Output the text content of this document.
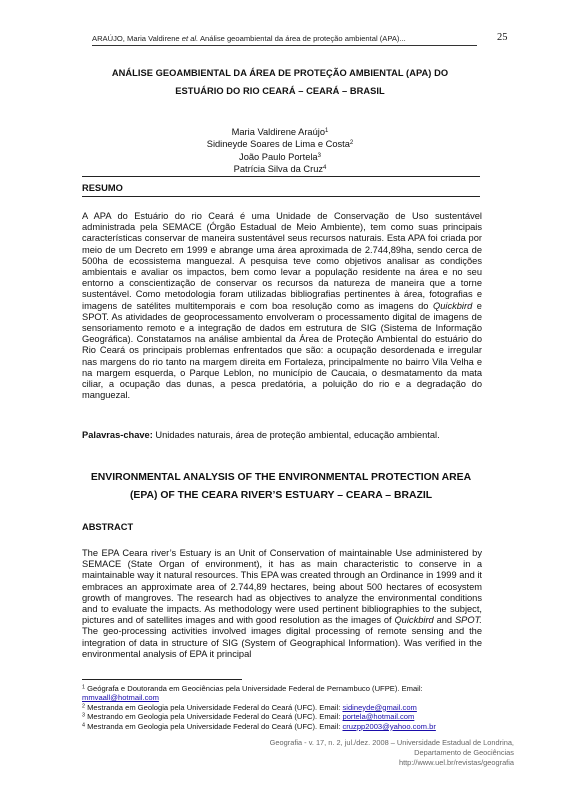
ARAÚJO, Maria Valdirene et al. Análise geoambiental da área de proteção ambiental (APA)...	25
ANÁLISE GEOAMBIENTAL DA ÁREA DE PROTEÇÃO AMBIENTAL (APA) DO
ESTUÁRIO DO RIO CEARÁ – CEARÁ – BRASIL
Maria Valdirene Araújo$^1$
Sidineyde Soares de Lima e Costa$^2$
João Paulo Portela$^3$
Patrícia Silva da Cruz$^4$
RESUMO
A APA do Estuário do rio Ceará é uma Unidade de Conservação de Uso sustentável administrada pela SEMACE (Órgão Estadual de Meio Ambiente), tem como suas principais características conservar de maneira sustentável seus recursos naturais. Esta APA foi criada por meio de um Decreto em 1999 e abrange uma área aproximada de 2.744,89ha, sendo cerca de 500ha de ecossistema manguezal. A pesquisa teve como objetivos analisar as condições ambientais e avaliar os impactos, bem como levar a população residente na área e no seu entorno a conscientização de conservar os recursos da natureza de maneira que a torne sustentável. Como metodologia foram utilizadas bibliografias pertinentes à área, fotografias e imagens de satélites multitemporais e com boa resolução como as imagens do Quickbird e SPOT. As atividades de geoprocessamento envolveram o processamento digital de imagens de sensoriamento remoto e a integração de dados em estrutura de SIG (Sistema de Informação Geográfica). Constatamos na análise ambiental da Área de Proteção Ambiental do estuário do Rio Ceará os principais problemas enfrentados que são: a ocupação desordenada e irregular nas margens do rio tanto na margem direita em Fortaleza, principalmente no bairro Vila Velha e na margem esquerda, o Parque Leblon, no município de Caucaia, o desmatamento da mata ciliar, a ocupação das dunas, a pesca predatória, a poluição do rio e a degradação do manguezal.
Palavras-chave: Unidades naturais, área de proteção ambiental, educação ambiental.
ENVIRONMENTAL ANALYSIS OF THE ENVIRONMENTAL PROTECTION AREA
(EPA) OF THE CEARA RIVER’S ESTUARY – CEARA – BRAZIL
ABSTRACT
The EPA Ceara river’s Estuary is an Unit of Conservation of maintainable Use administered by SEMACE (State Organ of environment), it has as main characteristic to conserve in a maintainable way it natural resources. This EPA was created through an Ordinance in 1999 and it embraces an approximate area of 2.744,89 hectares, being about 500 hectares of ecosystem growth of mangroves. The research had as objectives to analyze the environmental conditions and to evaluate the impacts. As methodology were used pertinent bibliographies to the subject, pictures and of satellites images and with good resolution as the images of Quickbird and SPOT. The geo-processing activities involved images digital processing of remote sensing and the integration of data in structure of SIG (System of Geographical Information). Was verified in the environmental analysis of EPA it principal
$^1$ Geógrafa e Doutoranda em Geociências pela Universidade Federal de Pernambuco (UFPE). Email:
mmvaall@hotmail.com
$^2$ Mestranda em Geologia pela Universidade Federal do Ceará (UFC). Email: sidineyde@gmail.com
$^3$ Mestrando em Geologia pela Universidade Federal do Ceará (UFC). Email: portela@hotmail.com
$^4$ Mestranda em Geologia pela Universidade Federal do Ceará (UFC). Email: cruzpp2003@yahoo.com.br
Geografia - v. 17, n. 2, jul./dez. 2008 – Universidade Estadual de Londrina, Departamento de Geociências
http://www.uel.br/revistas/geografia
